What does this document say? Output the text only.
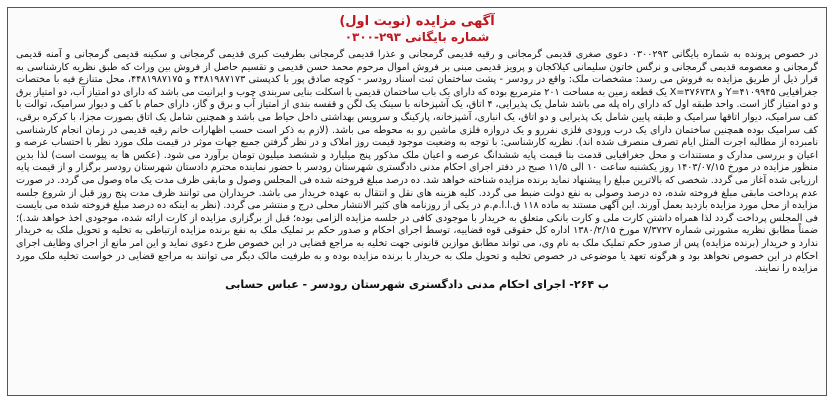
آگهی مزایده (نوبت اول)
شماره بایگانی ۲۹۳-۰۳۰۰
در خصوص پرونده به شماره بایگانی ۰۳۰۰۲۹۳ دعوی صغری قدیمی گرمجانی و رقیه قدیمی گرمجانی و عذرا قدیمی گرمجانی بطرفیت کبری قدیمی گرمجانی و سکینه قدیمی گرمجانی و آمنه قدیمی گرمجانی و معصومه قدیمی گرمجانی و نرگس خاتون سلیمانی کیلاکجان و پرویز قدیمی مبنی بر فروش اموال مرحوم محمد حسن قدیمی و تقسیم حاصل از فروش بین وراث که طبق نظریه کارشناسی به قرار ذیل از طریق مزایده به فروش می رسد: مشخصات ملک: واقع در رودسر - پشت ساختمان ثبت اسناد رودسر - کوچه صادق پور با کدپستی ۴۴۸۱۹۸۷۱۷۳ و ۴۴۸۱۹۸۷۱۷۵، محل متنازع فیه با مختصات جغرافیایی ۴۱۰۹۹۴۵=Y و ۳۷۶۷۳۸=X یک قطعه زمین به مساحت ۲۰۱ مترمربع بوده که دارای یک باب ساختمان قدیمی با اسکلت بنایی سربندی چوب و ایرانیت می باشد که دارای دو امتیاز آب، دو امتیاز برق و دو امتیاز گاز است. واحد طبقه اول که دارای راه پله می باشد شامل یک پذیرایی، ۴ اتاق، یک آشپزخانه با سینک یک لگن و قفسه بندی از امتیاز آب و برق و گاز، دارای حمام با کف و دیوار سرامیک، توالت با کف سرامیک، دیوار اتاقها سرامیک و طبقه پایین شامل یک پذیرایی و دو اتاق، یک انباری، آشپزخانه، پارکینگ و سرویس بهداشتی داخل حیاط می باشد و همچنین شامل یک اتاق بصورت مجزا، با کرکره برقی، کف سرامیک بوده همچنین ساختمان دارای یک درب ورودی فلزی نفررو و یک دروازه فلزی ماشین رو به محوطه می باشد. (لازم به ذکر است حسب اظهارات خانم رقیه قدیمی در زمان انجام کارشناسی نامبرده از مطالبه اجرت المثل ایام تصرف منصرف شده اند). نظریه کارشناسی: با توجه به وضعیت موجود قیمت روز املاک و در نظر گرفتن جمیع جهات موثر در قیمت ملک مورد نظر با احتساب عرصه و اعیان و بررسی مدارک و مستندات و محل جغرافیایی قدمت بنا قیمت پایه ششدانگ عرصه و اعیان ملک مذکور پنج میلیارد و ششصد میلیون تومان برآورد می شود. (عکس ها به پیوست است) لذا بدین منظور مزایده در مورخ ۱۴۰۳/۰۷/۱۵ روز یکشنبه ساعت ۱۰ الی ۱۱/۵ صبح در دفتر اجرای احکام مدنی دادگستری شهرستان رودسر با حضور نماینده محترم دادستان شهرستان رودسر برگزار و از قیمت پایه ارزیابی شده آغاز می گردد. شخصی که بالاترین مبلغ را پیشنهاد نماید برنده مزایده شناخته خواهد شد. ده درصد مبلغ فروخته شده فی المجلس وصول و مابقی ظرف مدت یک ماه وصول می گردد. در صورت عدم پرداخت مابقی مبلغ فروخته شده، ده درصد وصولی به نفع دولت ضبط می گردد. کلیه هزینه های نقل و انتقال به عهده خریدار می باشد. خریداران می توانند ظرف مدت پنج روز قبل از شروع جلسه مزایده از محل مورد مزایده بازدید بعمل آورند. این آگهی مستند به ماده ۱۱۸ ق.ا.ا.م.م در یکی از روزنامه های کثیر الانتشار محلی درج و منتشر می گردد. (نظر به اینکه ده درصد مبلغ فروخته شده می بایست فی المجلس پرداخت گردد لذا همراه داشتن کارت ملی و کارت بانکی متعلق به خریدار با موجودی کافی در جلسه مزایده الزامی بوده؛ قبل از برگزاری مزایده از کارت ارائه شده، موجودی اخذ خواهد شد.)؛ ضمناً مطابق نظریه مشورتی شماره ۷/۳۷۲۷ مورخ ۱۳۸۰/۲/۱۵ اداره کل حقوقی قوه قضاییه، توسط اجرای احکام و صدور حکم بر تملیک ملک به نفع برنده مزایده ارتباطی به تخلیه و تحویل ملک به خریدار ندارد و خریدار (برنده مزایده) پس از صدور حکم تملیک ملک به نام وی، می تواند مطابق موازین قانونی جهت تخلیه به مراجع قضایی در این خصوص طرح دعوی نماید و این امر مانع از اجرای وظایف اجرای احکام در این خصوص نخواهد بود و هرگونه تعهد یا موضوعی در خصوص تخلیه و تحویل ملک به خریدار با برنده مزایده بوده و به طرفیت مالک دیگر می توانند به مراجع قضایی در خواست تخلیه ملک مورد مزایده را نمایند.
ب ۲۶۴- اجرای احکام مدنی دادگستری شهرستان رودسر - عباس حسابی
